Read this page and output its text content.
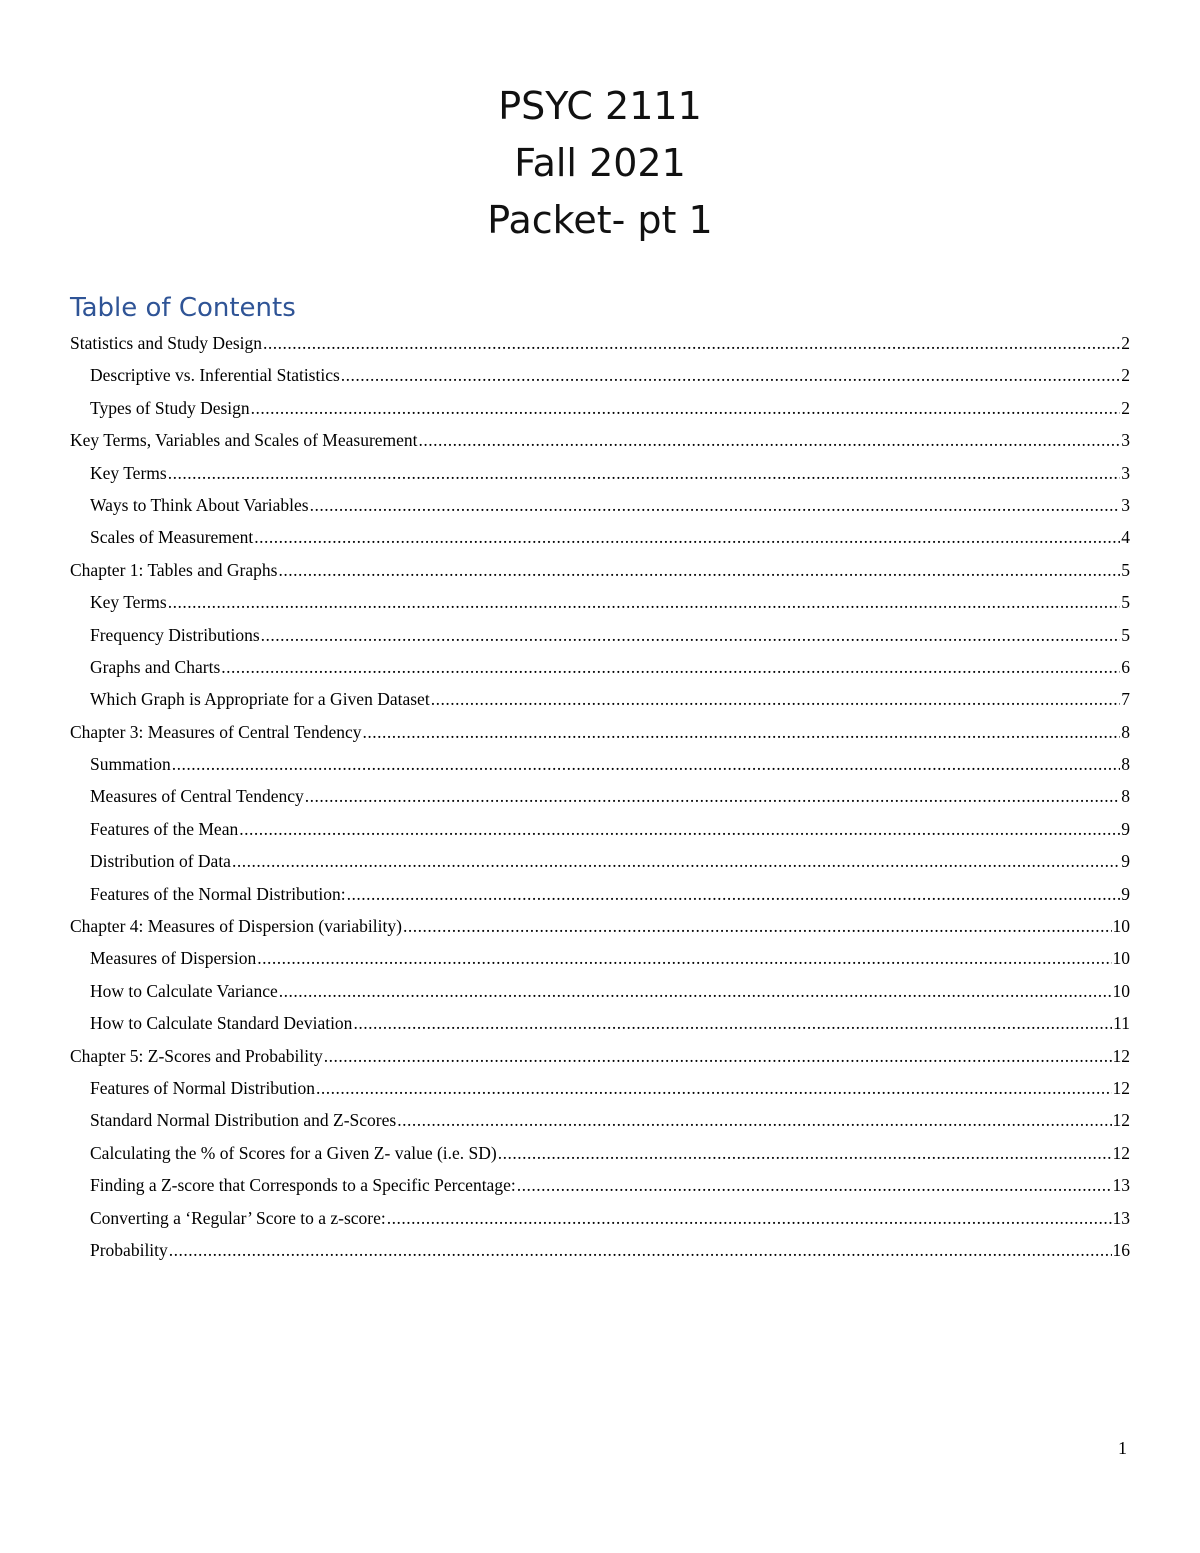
PSYC 2111
Fall 2021
Packet- pt 1
Table of Contents
Statistics and Study Design .....	2
Descriptive vs. Inferential Statistics .....	2
Types of Study Design .....	2
Key Terms, Variables and Scales of Measurement .....	3
Key Terms .....	3
Ways to Think About Variables .....	3
Scales of Measurement .....	4
Chapter 1: Tables and Graphs .....	5
Key Terms .....	5
Frequency Distributions .....	5
Graphs and Charts .....	6
Which Graph is Appropriate for a Given Dataset .....	7
Chapter 3: Measures of Central Tendency .....	8
Summation .....	8
Measures of Central Tendency .....	8
Features of the Mean .....	9
Distribution of Data .....	9
Features of the Normal Distribution: .....	9
Chapter 4: Measures of Dispersion (variability) .....	10
Measures of Dispersion .....	10
How to Calculate Variance .....	10
How to Calculate Standard Deviation .....	11
Chapter 5: Z-Scores and Probability .....	12
Features of Normal Distribution .....	12
Standard Normal Distribution and Z-Scores .....	12
Calculating the % of Scores for a Given Z- value (i.e. SD) .....	12
Finding a Z-score that Corresponds to a Specific Percentage: .....	13
Converting a ‘Regular’ Score to a z-score: .....	13
Probability .....	16
1
